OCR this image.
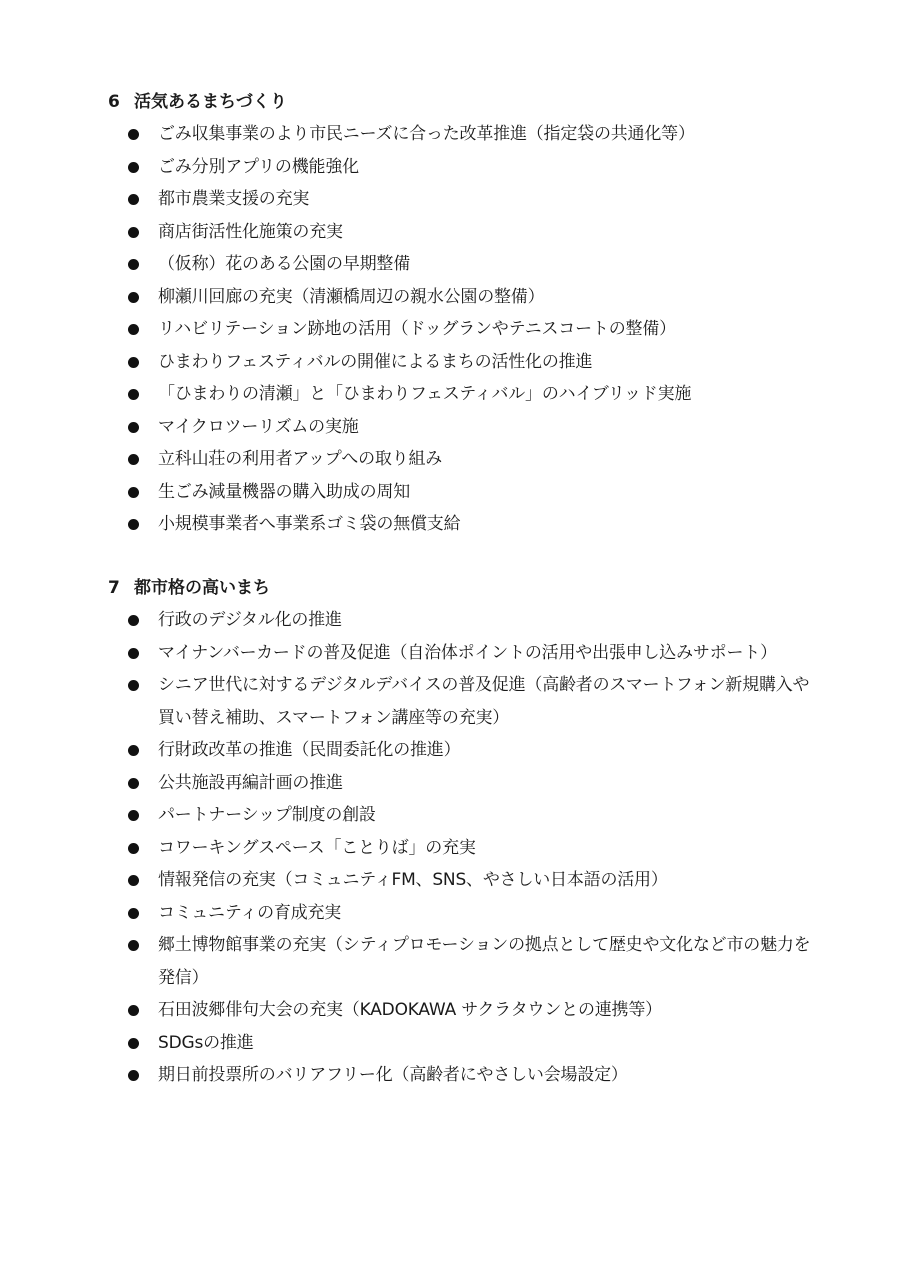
6 活気あるまちづくり
ごみ収集事業のより市民ニーズに合った改革推進（指定袋の共通化等）
ごみ分別アプリの機能強化
都市農業支援の充実
商店街活性化施策の充実
（仮称）花のある公園の早期整備
柳瀬川回廊の充実（清瀬橋周辺の親水公園の整備）
リハビリテーション跡地の活用（ドッグランやテニスコートの整備）
ひまわりフェスティバルの開催によるまちの活性化の推進
「ひまわりの清瀬」と「ひまわりフェスティバル」のハイブリッド実施
マイクロツーリズムの実施
立科山荘の利用者アップへの取り組み
生ごみ減量機器の購入助成の周知
小規模事業者へ事業系ゴミ袋の無償支給
7 都市格の高いまち
行政のデジタル化の推進
マイナンバーカードの普及促進（自治体ポイントの活用や出張申し込みサポート）
シニア世代に対するデジタルデバイスの普及促進（高齢者のスマートフォン新規購入や買い替え補助、スマートフォン講座等の充実）
行財政改革の推進（民間委託化の推進）
公共施設再編計画の推進
パートナーシップ制度の創設
コワーキングスペース「ことりば」の充実
情報発信の充実（コミュニティFM、SNS、やさしい日本語の活用）
コミュニティの育成充実
郷土博物館事業の充実（シティプロモーションの拠点として歴史や文化など市の魅力を発信）
石田波郷俳句大会の充実（KADOKAWA サクラタウンとの連携等）
SDGsの推進
期日前投票所のバリアフリー化（高齢者にやさしい会場設定）
